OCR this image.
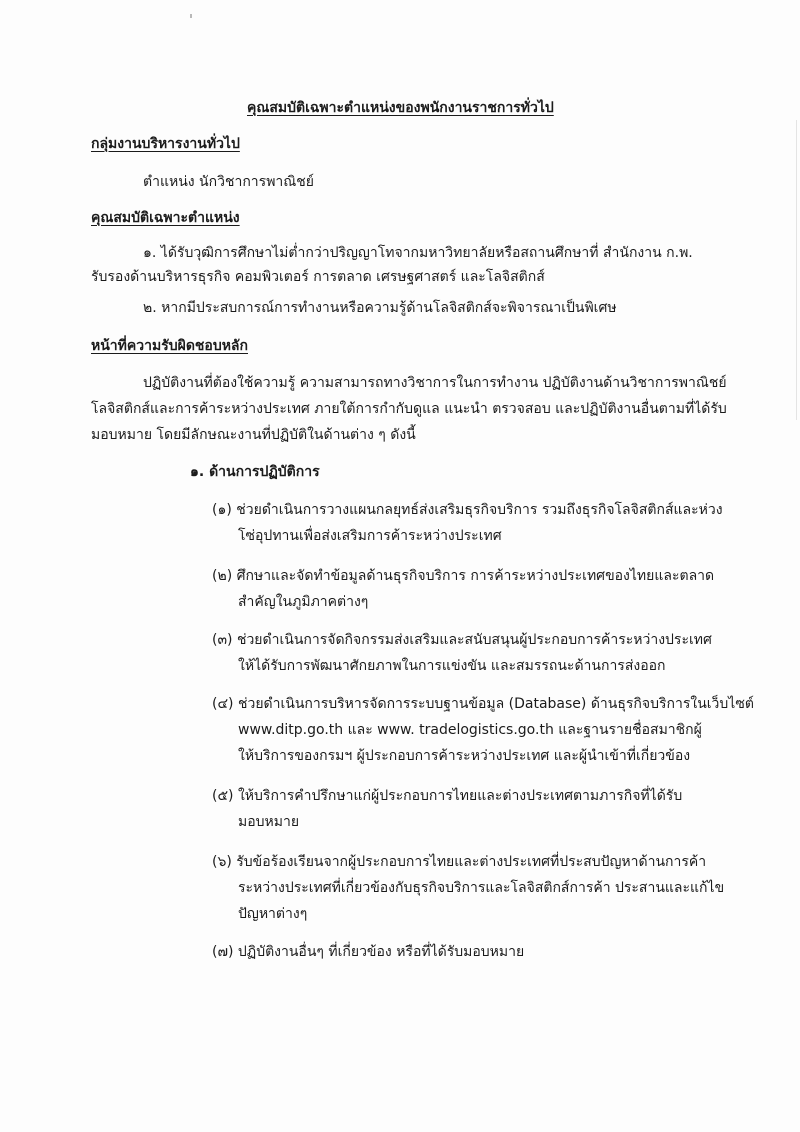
คุณสมบัติเฉพาะตำแหน่งของพนักงานราชการทั่วไป
กลุ่มงานบริหารงานทั่วไป
ตำแหน่ง นักวิชาการพาณิชย์
คุณสมบัติเฉพาะตำแหน่ง
๑. ได้รับวุฒิการศึกษาไม่ต่ำกว่าปริญญาโทจากมหาวิทยาลัยหรือสถานศึกษาที่ สำนักงาน ก.พ.
รับรองด้านบริหารธุรกิจ คอมพิวเตอร์ การตลาด เศรษฐศาสตร์ และโลจิสติกส์
๒. หากมีประสบการณ์การทำงานหรือความรู้ด้านโลจิสติกส์จะพิจารณาเป็นพิเศษ
หน้าที่ความรับผิดชอบหลัก
ปฏิบัติงานที่ต้องใช้ความรู้ ความสามารถทางวิชาการในการทำงาน ปฏิบัติงานด้านวิชาการพาณิชย์
โลจิสติกส์และการค้าระหว่างประเทศ ภายใต้การกำกับดูแล แนะนำ ตรวจสอบ และปฏิบัติงานอื่นตามที่ได้รับ
มอบหมาย โดยมีลักษณะงานที่ปฏิบัติในด้านต่าง ๆ ดังนี้
๑. ด้านการปฏิบัติการ
(๑) ช่วยดำเนินการวางแผนกลยุทธ์ส่งเสริมธุรกิจบริการ รวมถึงธุรกิจโลจิสติกส์และห่วง
โซ่อุปทานเพื่อส่งเสริมการค้าระหว่างประเทศ
(๒) ศึกษาและจัดทำข้อมูลด้านธุรกิจบริการ การค้าระหว่างประเทศของไทยและตลาด
สำคัญในภูมิภาคต่างๆ
(๓) ช่วยดำเนินการจัดกิจกรรมส่งเสริมและสนับสนุนผู้ประกอบการค้าระหว่างประเทศ
ให้ได้รับการพัฒนาศักยภาพในการแข่งขัน และสมรรถนะด้านการส่งออก
(๔) ช่วยดำเนินการบริหารจัดการระบบฐานข้อมูล (Database) ด้านธุรกิจบริการในเว็บไซต์
www.ditp.go.th และ www. tradelogistics.go.th และฐานรายชื่อสมาชิกผู้
ให้บริการของกรมฯ ผู้ประกอบการค้าระหว่างประเทศ และผู้นำเข้าที่เกี่ยวข้อง
(๕) ให้บริการคำปรึกษาแก่ผู้ประกอบการไทยและต่างประเทศตามภารกิจที่ได้รับ
มอบหมาย
(๖) รับข้อร้องเรียนจากผู้ประกอบการไทยและต่างประเทศที่ประสบปัญหาด้านการค้า
ระหว่างประเทศที่เกี่ยวข้องกับธุรกิจบริการและโลจิสติกส์การค้า ประสานและแก้ไข
ปัญหาต่างๆ
(๗) ปฏิบัติงานอื่นๆ ที่เกี่ยวข้อง หรือที่ได้รับมอบหมาย
